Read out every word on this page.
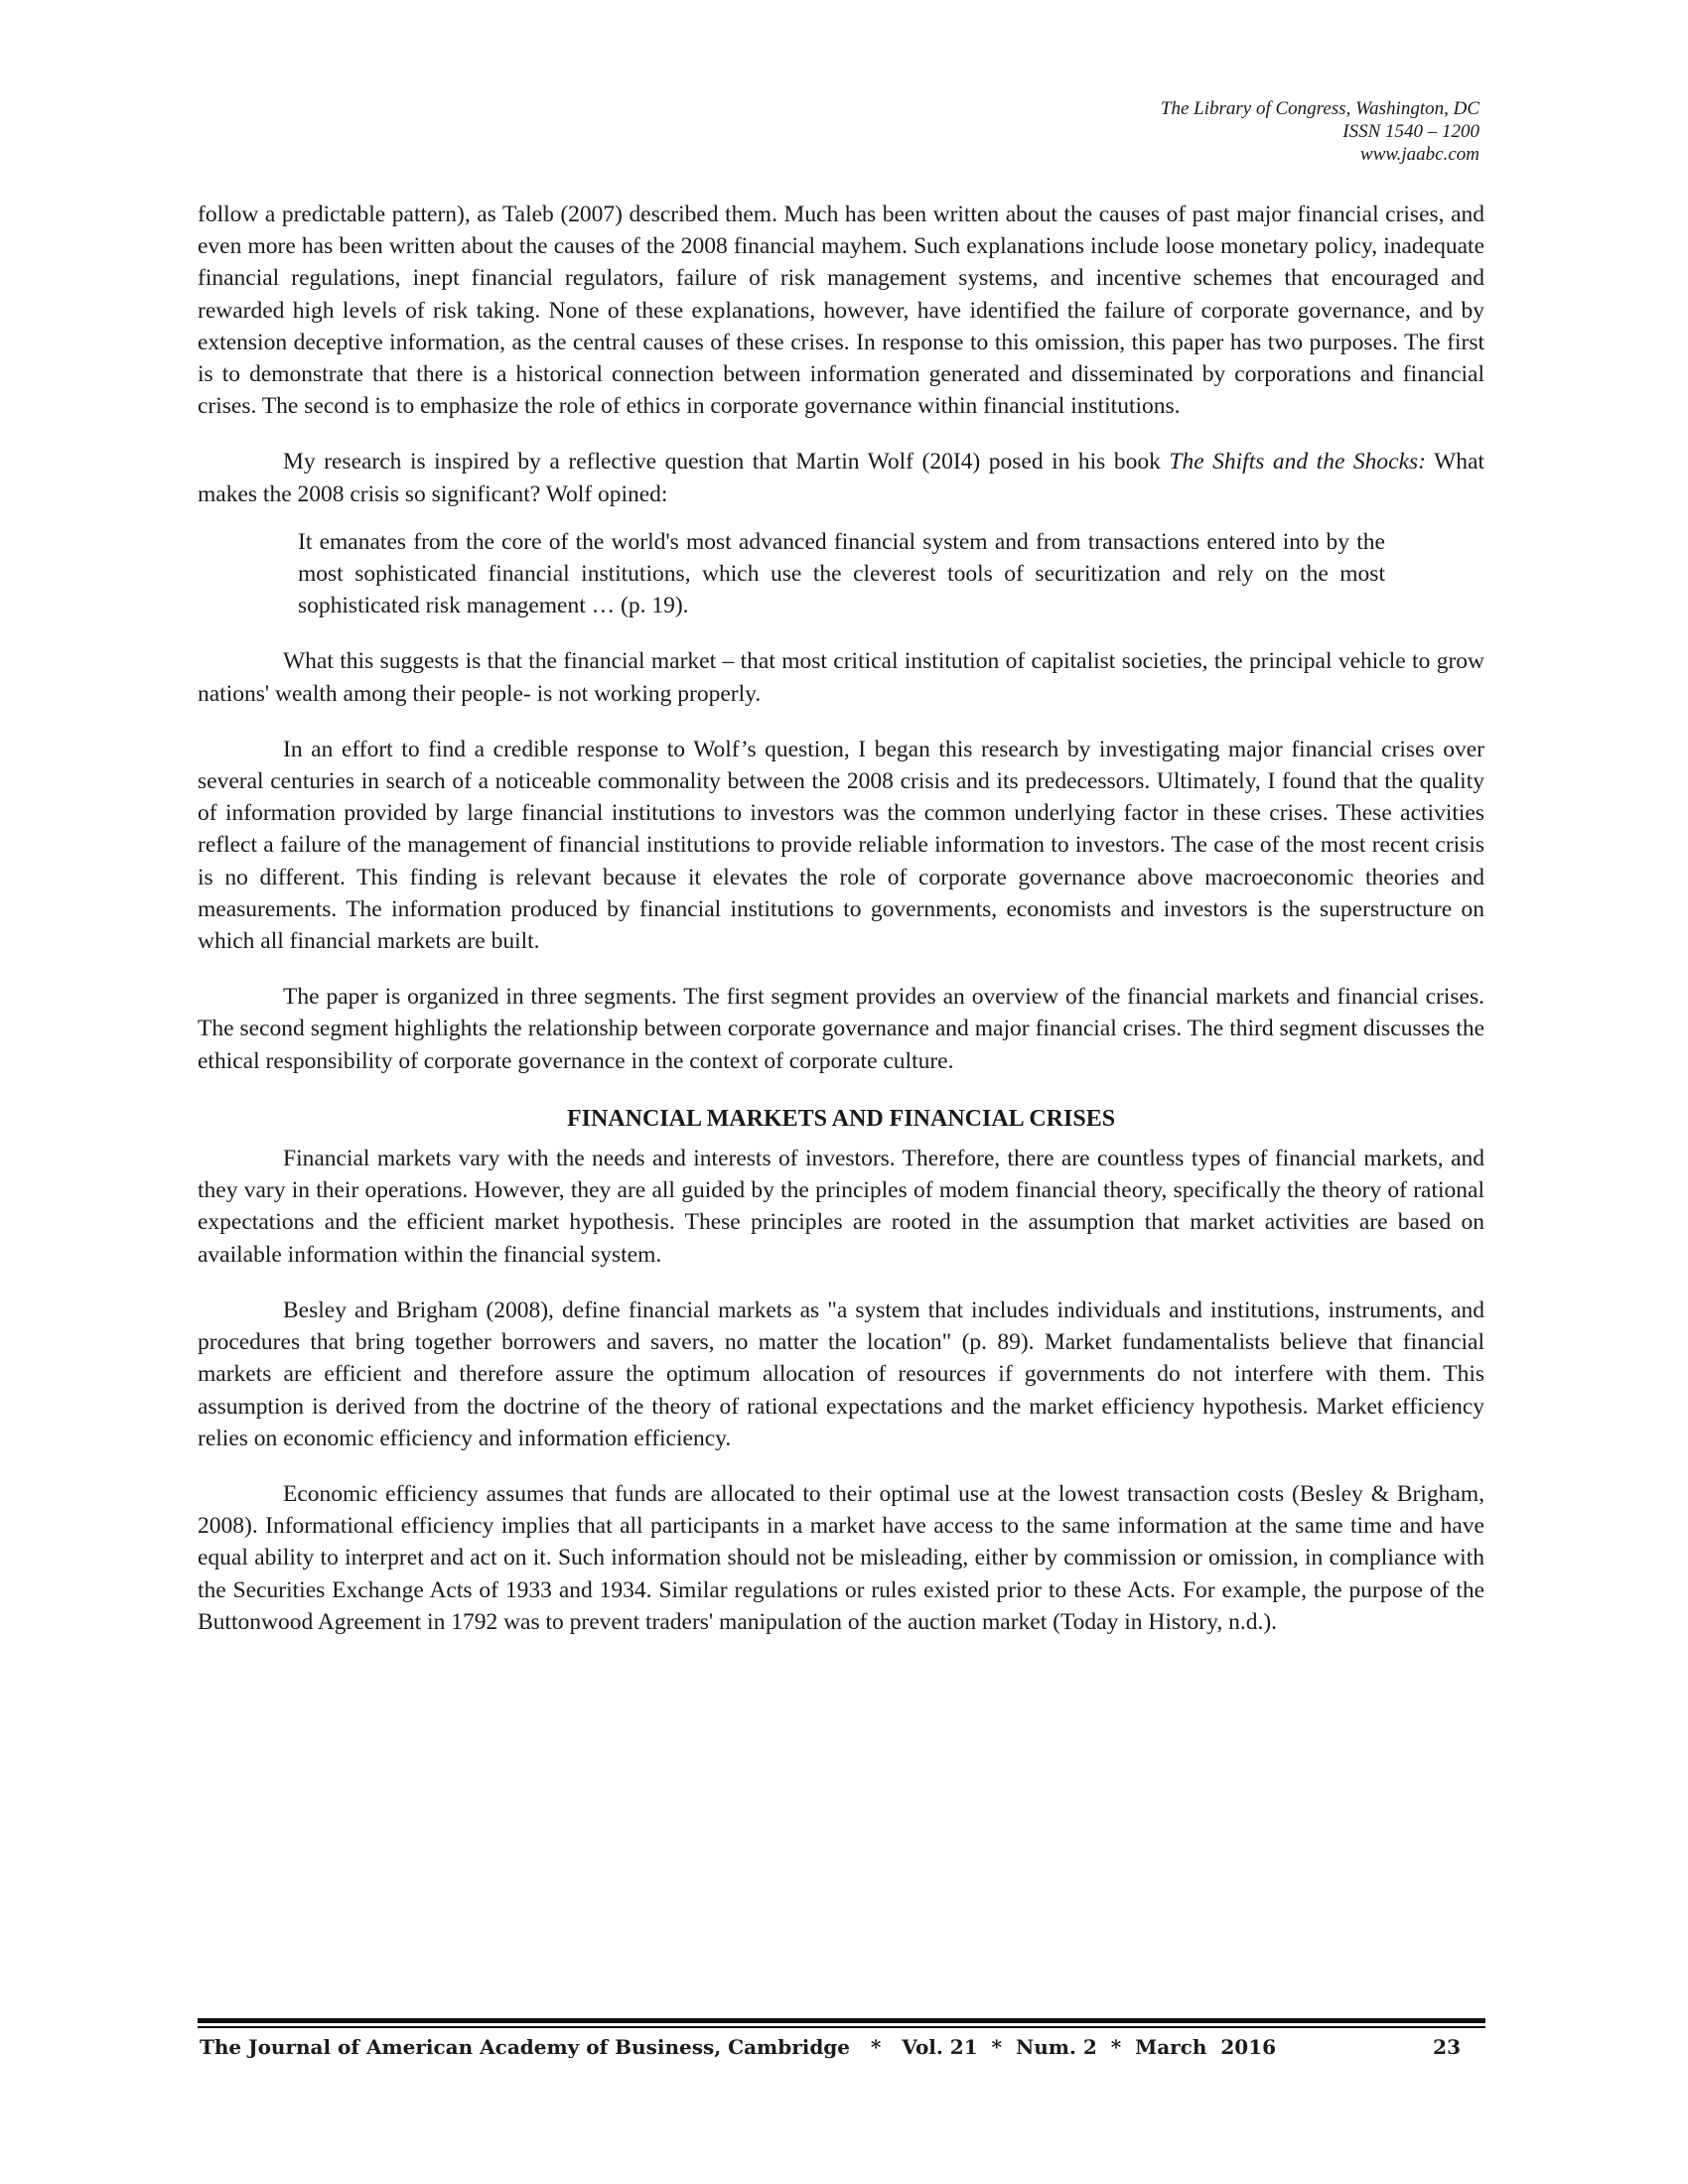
The Library of Congress, Washington, DC
ISSN 1540 – 1200
www.jaabc.com

follow a predictable pattern), as Taleb (2007) described them. Much has been written about the causes of past major financial crises, and even more has been written about the causes of the 2008 financial mayhem. Such explanations include loose monetary policy, inadequate financial regulations, inept financial regulators, failure of risk management systems, and incentive schemes that encouraged and rewarded high levels of risk taking. None of these explanations, however, have identified the failure of corporate governance, and by extension deceptive information, as the central causes of these crises. In response to this omission, this paper has two purposes. The first is to demonstrate that there is a historical connection between information generated and disseminated by corporations and financial crises. The second is to emphasize the role of ethics in corporate governance within financial institutions.

My research is inspired by a reflective question that Martin Wolf (20I4) posed in his book The Shifts and the Shocks: What makes the 2008 crisis so significant? Wolf opined:

It emanates from the core of the world's most advanced financial system and from transactions entered into by the most sophisticated financial institutions, which use the cleverest tools of securitization and rely on the most sophisticated risk management … (p. 19).

What this suggests is that the financial market – that most critical institution of capitalist societies, the principal vehicle to grow nations' wealth among their people- is not working properly.

In an effort to find a credible response to Wolf’s question, I began this research by investigating major financial crises over several centuries in search of a noticeable commonality between the 2008 crisis and its predecessors. Ultimately, I found that the quality of information provided by large financial institutions to investors was the common underlying factor in these crises. These activities reflect a failure of the management of financial institutions to provide reliable information to investors. The case of the most recent crisis is no different. This finding is relevant because it elevates the role of corporate governance above macroeconomic theories and measurements. The information produced by financial institutions to governments, economists and investors is the superstructure on which all financial markets are built.

The paper is organized in three segments. The first segment provides an overview of the financial markets and financial crises. The second segment highlights the relationship between corporate governance and major financial crises. The third segment discusses the ethical responsibility of corporate governance in the context of corporate culture.

FINANCIAL MARKETS AND FINANCIAL CRISES

Financial markets vary with the needs and interests of investors. Therefore, there are countless types of financial markets, and they vary in their operations. However, they are all guided by the principles of modem financial theory, specifically the theory of rational expectations and the efficient market hypothesis. These principles are rooted in the assumption that market activities are based on available information within the financial system.

Besley and Brigham (2008), define financial markets as "a system that includes individuals and institutions, instruments, and procedures that bring together borrowers and savers, no matter the location" (p. 89). Market fundamentalists believe that financial markets are efficient and therefore assure the optimum allocation of resources if governments do not interfere with them. This assumption is derived from the doctrine of the theory of rational expectations and the market efficiency hypothesis. Market efficiency relies on economic efficiency and information efficiency.

Economic efficiency assumes that funds are allocated to their optimal use at the lowest transaction costs (Besley & Brigham, 2008). Informational efficiency implies that all participants in a market have access to the same information at the same time and have equal ability to interpret and act on it. Such information should not be misleading, either by commission or omission, in compliance with the Securities Exchange Acts of 1933 and 1934. Similar regulations or rules existed prior to these Acts. For example, the purpose of the Buttonwood Agreement in 1792 was to prevent traders' manipulation of the auction market (Today in History, n.d.).

The Journal of American Academy of Business, Cambridge   *   Vol. 21  *  Num. 2  *  March  2016	23
